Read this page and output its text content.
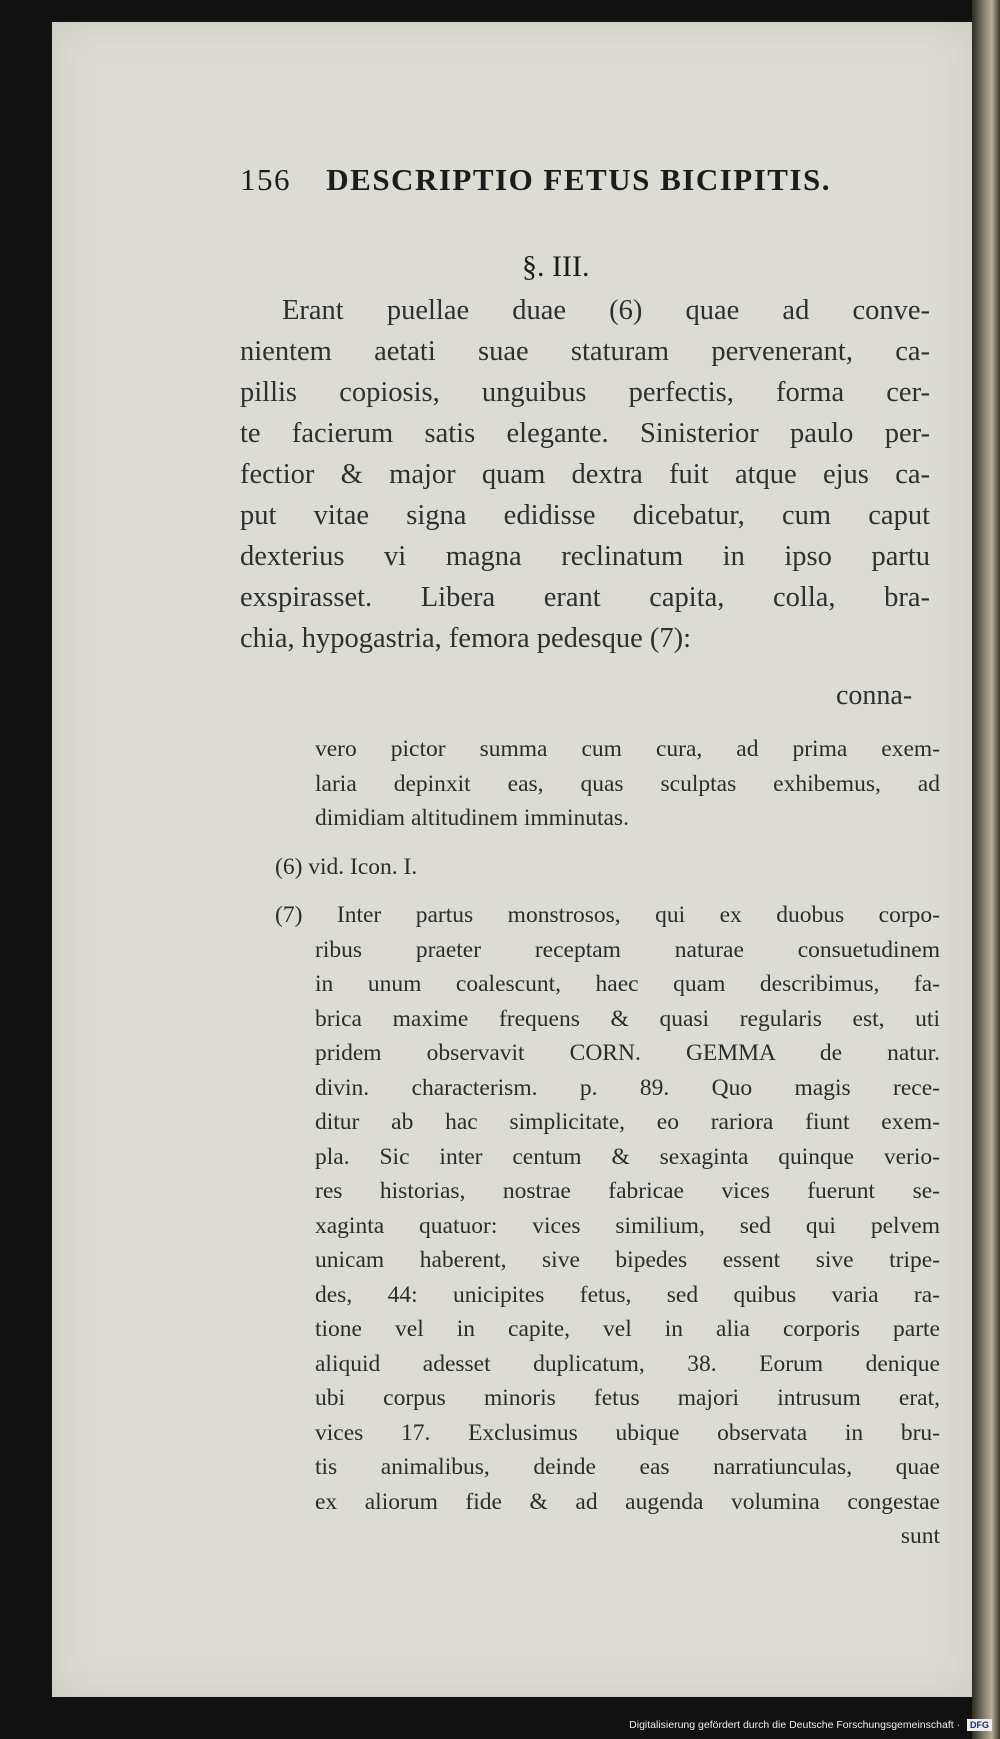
156 DESCRIPTIO FETUS BICIPITIS.
§. III.
Erant puellae duae (6) quae ad conve-
nientem aetati suae staturam pervenerant, ca-
pillis copiosis, unguibus perfectis, forma cer-
te facierum satis elegante. Sinisterior paulo per-
fectior & major quam dextra fuit atque ejus ca-
put vitae signa edidisse dicebatur, cum caput
dexterius vi magna reclinatum in ipso partu
exspirasset. Libera erant capita, colla, bra-
chia, hypogastria, femora pedesque (7):
conna-
vero pictor summa cum cura, ad prima exem-
laria depinxit eas, quas sculptas exhibemus, ad
dimidiam altitudinem imminutas.
(6) vid. Icon. I.
(7) Inter partus monstrosos, qui ex duobus corpo-
ribus praeter receptam naturae consuetudinem
in unum coalescunt, haec quam describimus, fa-
brica maxime frequens & quasi regularis est, uti
pridem observavit CORN. GEMMA de natur.
divin. characterism. p. 89. Quo magis rece-
ditur ab hac simplicitate, eo rariora fiunt exem-
pla. Sic inter centum & sexaginta quinque verio-
res historias, nostrae fabricae vices fuerunt se-
xaginta quatuor: vices similium, sed qui pelvem
unicam haberent, sive bipedes essent sive tripe-
des, 44: unicipites fetus, sed quibus varia ra-
tione vel in capite, vel in alia corporis parte
aliquid adesset duplicatum, 38. Eorum denique
ubi corpus minoris fetus majori intrusum erat,
vices 17. Exclusimus ubique observata in bru-
tis animalibus, deinde eas narratiunculas, quae
ex aliorum fide & ad augenda volumina congestae
sunt
Digitalisierung gefördert durch die Deutsche Forschungsgemeinschaft · DFG
